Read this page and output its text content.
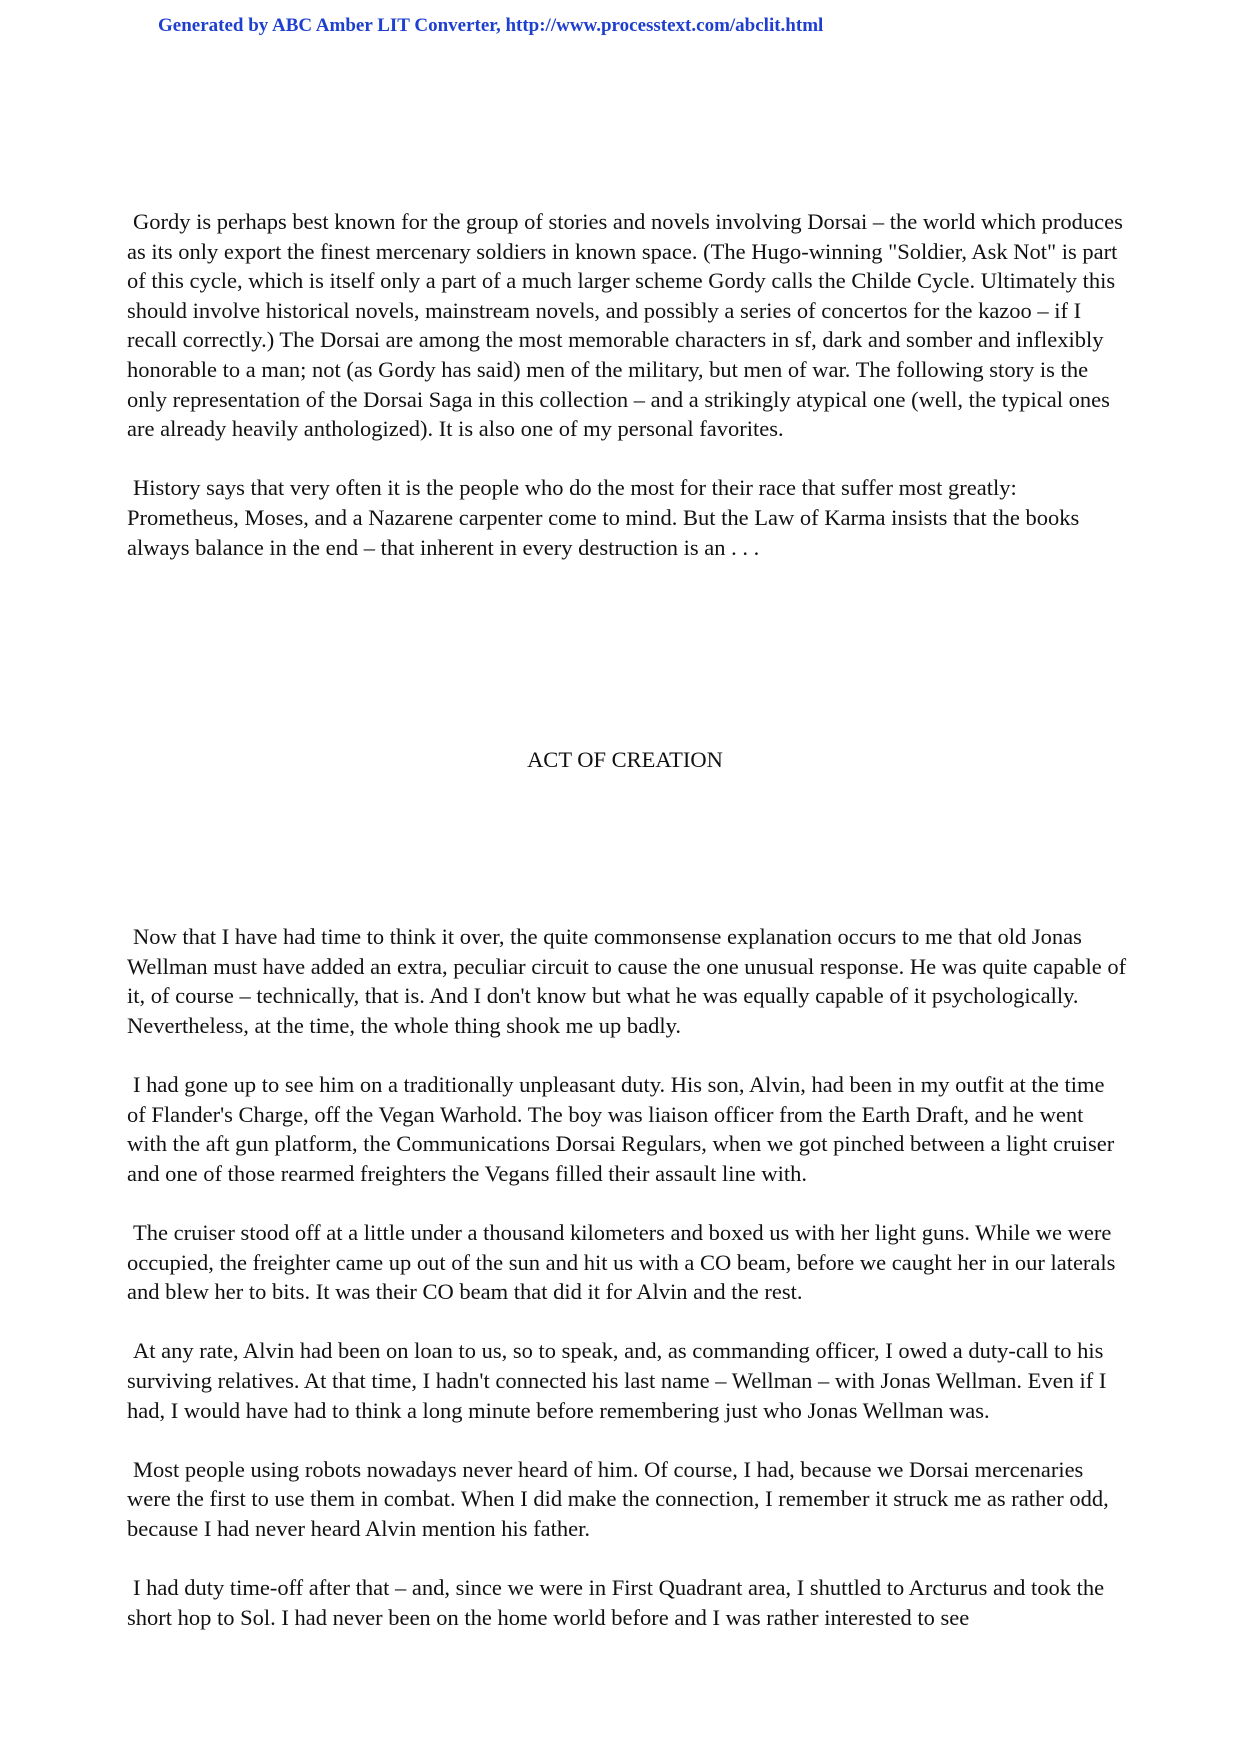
Generated by ABC Amber LIT Converter, http://www.processtext.com/abclit.html

Gordy is perhaps best known for the group of stories and novels involving Dorsai – the world which produces as its only export the finest mercenary soldiers in known space. (The Hugo-winning "Soldier, Ask Not" is part of this cycle, which is itself only a part of a much larger scheme Gordy calls the Childe Cycle. Ultimately this should involve historical novels, mainstream novels, and possibly a series of concertos for the kazoo – if I recall correctly.) The Dorsai are among the most memorable characters in sf, dark and somber and inflexibly honorable to a man; not (as Gordy has said) men of the military, but men of war. The following story is the only representation of the Dorsai Saga in this collection – and a strikingly atypical one (well, the typical ones are already heavily anthologized). It is also one of my personal favorites.

History says that very often it is the people who do the most for their race that suffer most greatly: Prometheus, Moses, and a Nazarene carpenter come to mind. But the Law of Karma insists that the books always balance in the end – that inherent in every destruction is an . . .

ACT OF CREATION

Now that I have had time to think it over, the quite commonsense explanation occurs to me that old Jonas Wellman must have added an extra, peculiar circuit to cause the one unusual response. He was quite capable of it, of course – technically, that is. And I don't know but what he was equally capable of it psychologically. Nevertheless, at the time, the whole thing shook me up badly.

I had gone up to see him on a traditionally unpleasant duty. His son, Alvin, had been in my outfit at the time of Flander's Charge, off the Vegan Warhold. The boy was liaison officer from the Earth Draft, and he went with the aft gun platform, the Communications Dorsai Regulars, when we got pinched between a light cruiser and one of those rearmed freighters the Vegans filled their assault line with.

The cruiser stood off at a little under a thousand kilometers and boxed us with her light guns. While we were occupied, the freighter came up out of the sun and hit us with a CO beam, before we caught her in our laterals and blew her to bits. It was their CO beam that did it for Alvin and the rest.

At any rate, Alvin had been on loan to us, so to speak, and, as commanding officer, I owed a duty-call to his surviving relatives. At that time, I hadn't connected his last name – Wellman – with Jonas Wellman. Even if I had, I would have had to think a long minute before remembering just who Jonas Wellman was.

Most people using robots nowadays never heard of him. Of course, I had, because we Dorsai mercenaries were the first to use them in combat. When I did make the connection, I remember it struck me as rather odd, because I had never heard Alvin mention his father.

I had duty time-off after that – and, since we were in First Quadrant area, I shuttled to Arcturus and took the short hop to Sol. I had never been on the home world before and I was rather interested to see
